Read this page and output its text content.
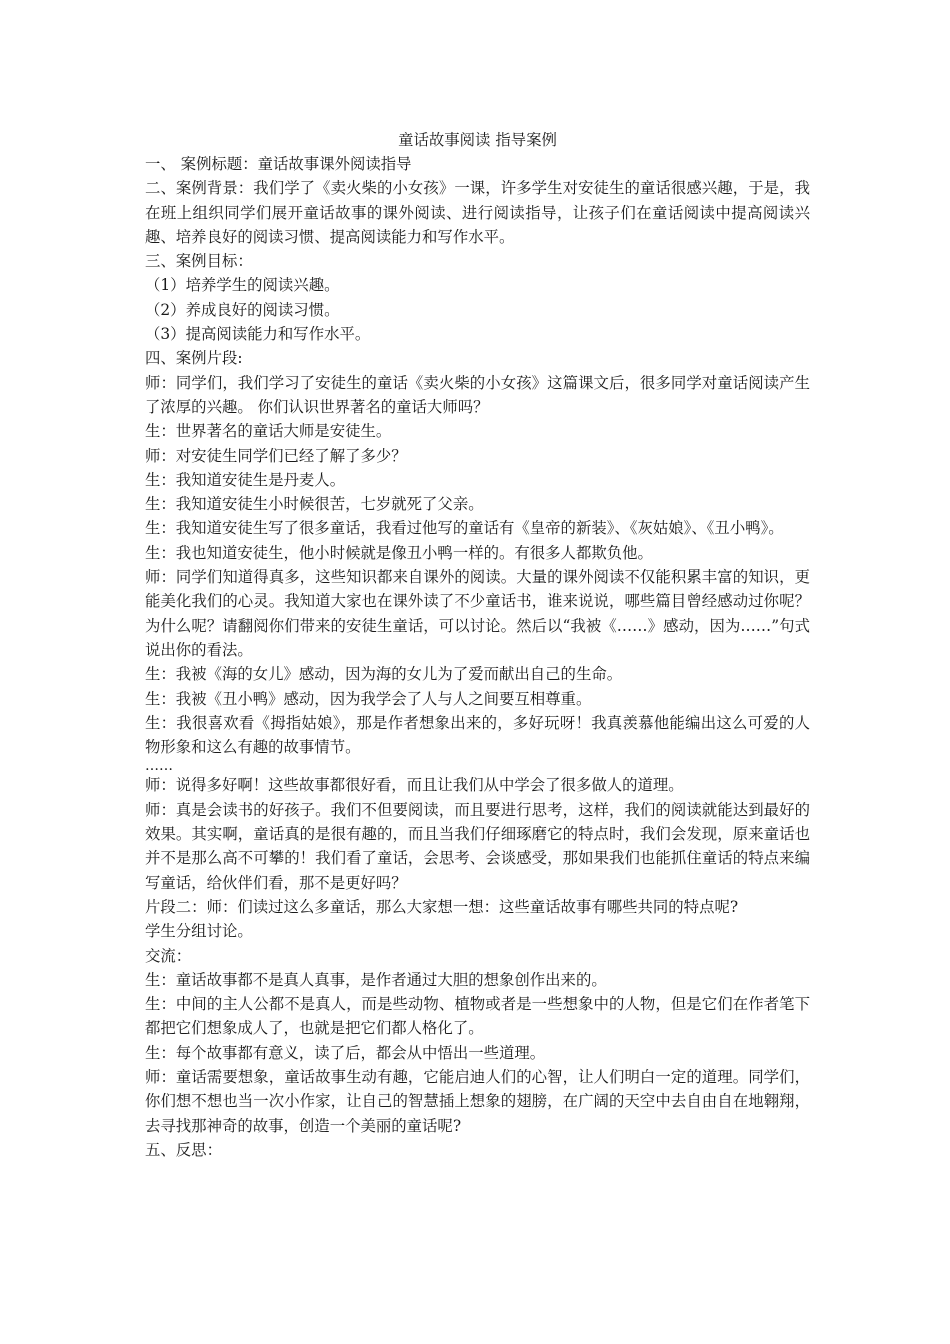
童话故事阅读 指导案例

一、 案例标题：童话故事课外阅读指导

二、案例背景：我们学了《卖火柴的小女孩》一课，许多学生对安徒生的童话很感兴趣，于是，我在班上组织同学们展开童话故事的课外阅读、进行阅读指导，让孩子们在童话阅读中提高阅读兴趣、培养良好的阅读习惯、提高阅读能力和写作水平。

三、案例目标：

（1）培养学生的阅读兴趣。

（2）养成良好的阅读习惯。

（3）提高阅读能力和写作水平。

四、案例片段:

师：同学们，我们学习了安徒生的童话《卖火柴的小女孩》这篇课文后，很多同学对童话阅读产生了浓厚的兴趣。 你们认识世界著名的童话大师吗？

生：世界著名的童话大师是安徒生。

师：对安徒生同学们已经了解了多少？

生：我知道安徒生是丹麦人。

生：我知道安徒生小时候很苦，七岁就死了父亲。

生：我知道安徒生写了很多童话，我看过他写的童话有《皇帝的新装》、《灰姑娘》、《丑小鸭》。

生：我也知道安徒生，他小时候就是像丑小鸭一样的。有很多人都欺负他。

师：同学们知道得真多，这些知识都来自课外的阅读。大量的课外阅读不仅能积累丰富的知识，更能美化我们的心灵。我知道大家也在课外读了不少童话书，谁来说说，哪些篇目曾经感动过你呢？为什么呢？请翻阅你们带来的安徒生童话，可以讨论。然后以“我被《……》感动，因为……”句式说出你的看法。

生：我被《海的女儿》感动，因为海的女儿为了爱而献出自己的生命。

生：我被《丑小鸭》感动，因为我学会了人与人之间要互相尊重。

生：我很喜欢看《拇指姑娘》，那是作者想象出来的，多好玩呀！我真羡慕他能编出这么可爱的人物形象和这么有趣的故事情节。

……

师：说得多好啊！这些故事都很好看，而且让我们从中学会了很多做人的道理。

师：真是会读书的好孩子。我们不但要阅读，而且要进行思考，这样，我们的阅读就能达到最好的效果。其实啊，童话真的是很有趣的，而且当我们仔细琢磨它的特点时，我们会发现，原来童话也并不是那么高不可攀的！我们看了童话，会思考、会谈感受，那如果我们也能抓住童话的特点来编写童话，给伙伴们看，那不是更好吗？

片段二：师：们读过这么多童话，那么大家想一想：这些童话故事有哪些共同的特点呢?

学生分组讨论。

交流：

生：童话故事都不是真人真事，是作者通过大胆的想象创作出来的。

生：中间的主人公都不是真人，而是些动物、植物或者是一些想象中的人物，但是它们在作者笔下都把它们想象成人了，也就是把它们都人格化了。

生：每个故事都有意义，读了后，都会从中悟出一些道理。

师：童话需要想象，童话故事生动有趣，它能启迪人们的心智，让人们明白一定的道理。同学们，你们想不想也当一次小作家，让自己的智慧插上想象的翅膀，在广阔的天空中去自由自在地翱翔，去寻找那神奇的故事，创造一个美丽的童话呢?

五、反思：
